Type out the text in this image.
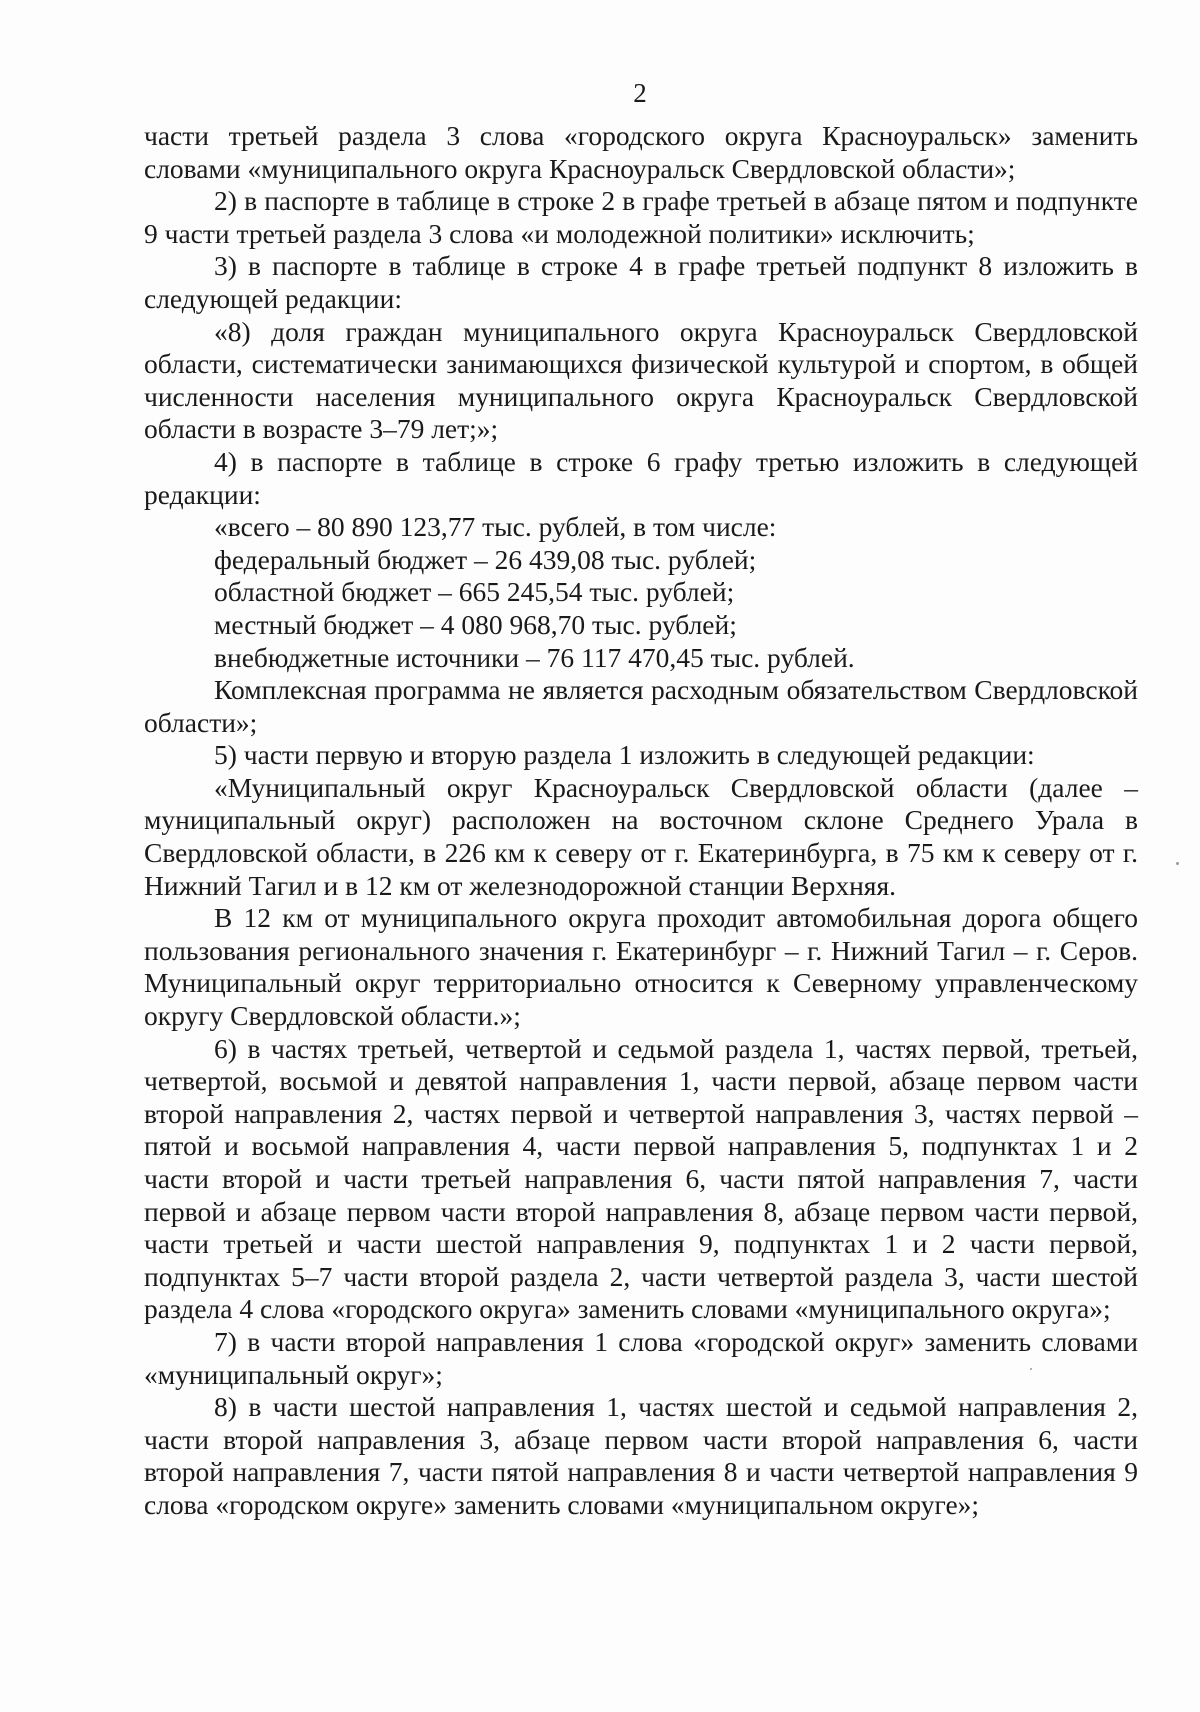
2

части третьей раздела 3 слова «городского округа Красноуральск» заменить словами «муниципального округа Красноуральск Свердловской области»;

2) в паспорте в таблице в строке 2 в графе третьей в абзаце пятом и подпункте 9 части третьей раздела 3 слова «и молодежной политики» исключить;

3) в паспорте в таблице в строке 4 в графе третьей подпункт 8 изложить в следующей редакции:

«8) доля граждан муниципального округа Красноуральск Свердловской области, систематически занимающихся физической культурой и спортом, в общей численности населения муниципального округа Красноуральск Свердловской области в возрасте 3–79 лет;»;

4) в паспорте в таблице в строке 6 графу третью изложить в следующей редакции:

«всего – 80 890 123,77 тыс. рублей, в том числе:

федеральный бюджет – 26 439,08 тыс. рублей;

областной бюджет – 665 245,54 тыс. рублей;

местный бюджет – 4 080 968,70 тыс. рублей;

внебюджетные источники – 76 117 470,45 тыс. рублей.

Комплексная программа не является расходным обязательством Свердловской области»;

5) части первую и вторую раздела 1 изложить в следующей редакции:

«Муниципальный округ Красноуральск Свердловской области (далее – муниципальный округ) расположен на восточном склоне Среднего Урала в Свердловской области, в 226 км к северу от г. Екатеринбурга, в 75 км к северу от г. Нижний Тагил и в 12 км от железнодорожной станции Верхняя.

В 12 км от муниципального округа проходит автомобильная дорога общего пользования регионального значения г. Екатеринбург – г. Нижний Тагил – г. Серов. Муниципальный округ территориально относится к Северному управленческому округу Свердловской области.»;

6) в частях третьей, четвертой и седьмой раздела 1, частях первой, третьей, четвертой, восьмой и девятой направления 1, части первой, абзаце первом части второй направления 2, частях первой и четвертой направления 3, частях первой – пятой и восьмой направления 4, части первой направления 5, подпунктах 1 и 2 части второй и части третьей направления 6, части пятой направления 7, части первой и абзаце первом части второй направления 8, абзаце первом части первой, части третьей и части шестой направления 9, подпунктах 1 и 2 части первой, подпунктах 5–7 части второй раздела 2, части четвертой раздела 3, части шестой раздела 4 слова «городского округа» заменить словами «муниципального округа»;

7) в части второй направления 1 слова «городской округ» заменить словами «муниципальный округ»;

8) в части шестой направления 1, частях шестой и седьмой направления 2, части второй направления 3, абзаце первом части второй направления 6, части второй направления 7, части пятой направления 8 и части четвертой направления 9 слова «городском округе» заменить словами «муниципальном округе»;
